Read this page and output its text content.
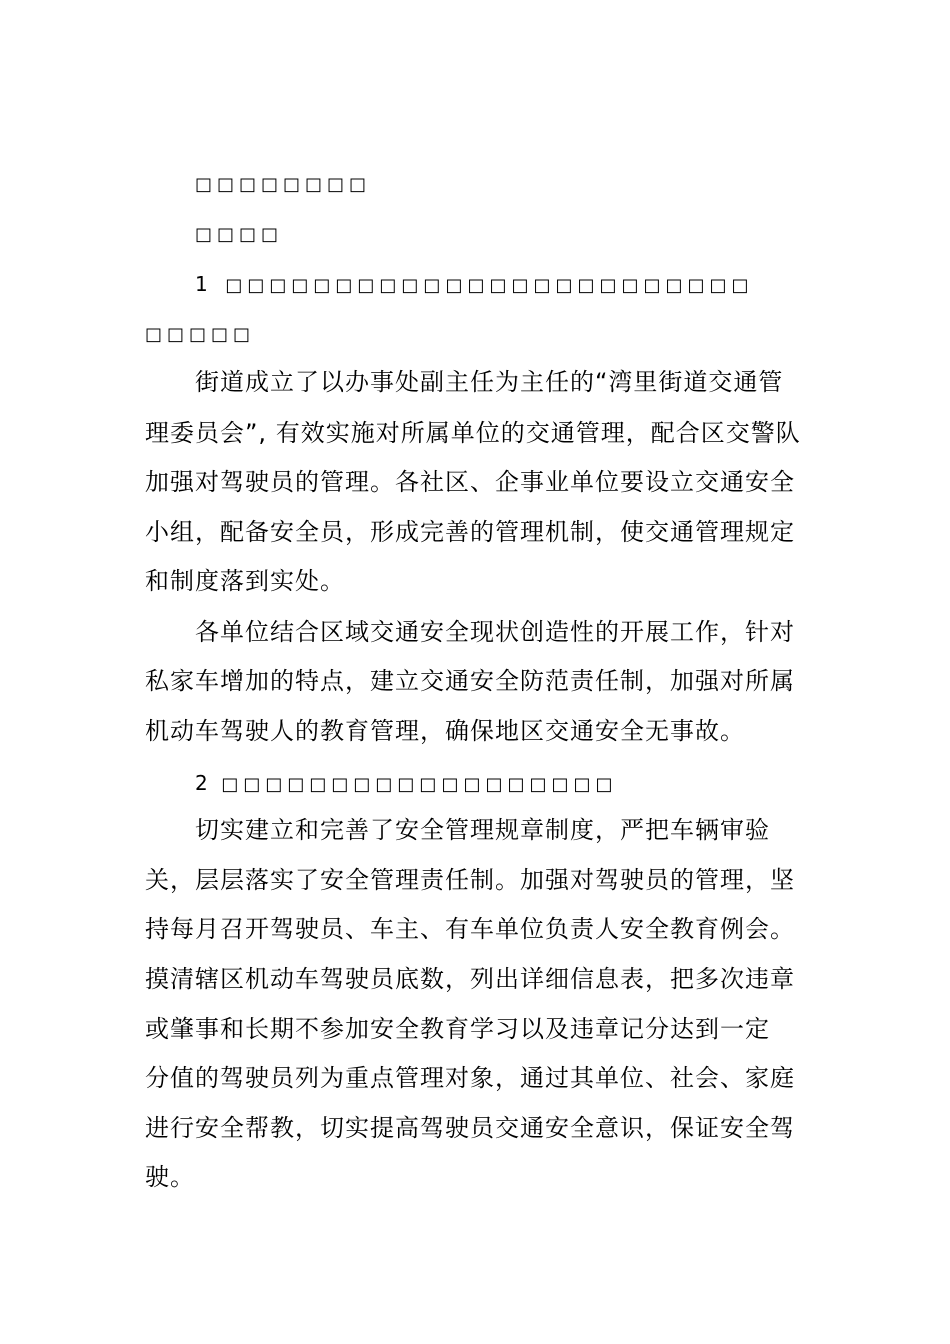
□□□□□□□□
□□□□
1 □□□□□□□□□□□□□□□□□□□□□□□□
□□□□□
街道成立了以办事处副主任为主任的“湾里街道交通管
理委员会”, 有效实施对所属单位的交通管理，配合区交警队
加强对驾驶员的管理。各社区、企事业单位要设立交通安全
小组，配备安全员，形成完善的管理机制，使交通管理规定
和制度落到实处。
各单位结合区域交通安全现状创造性的开展工作，针对
私家车增加的特点，建立交通安全防范责任制，加强对所属
机动车驾驶人的教育管理，确保地区交通安全无事故。
2 □□□□□□□□□□□□□□□□□□
切实建立和完善了安全管理规章制度，严把车辆审验
关，层层落实了安全管理责任制。加强对驾驶员的管理，坚
持每月召开驾驶员、车主、有车单位负责人安全教育例会。
摸清辖区机动车驾驶员底数，列出详细信息表，把多次违章
或肇事和长期不参加安全教育学习以及违章记分达到一定
分值的驾驶员列为重点管理对象，通过其单位、社会、家庭
进行安全帮教，切实提高驾驶员交通安全意识，保证安全驾
驶。
